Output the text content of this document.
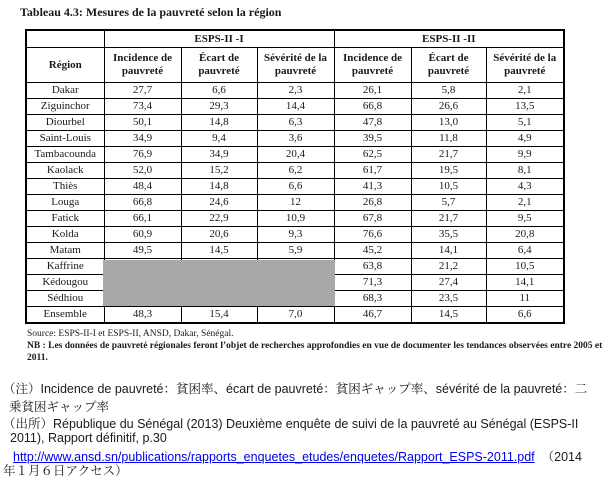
Tableau 4.3: Mesures de la pauvreté selon la région
	ESPS-II -I			ESPS-II -II		
Région	Incidence de pauvreté	Écart de pauvreté	Sévérité de la pauvreté	Incidence de pauvreté	Écart de pauvreté	Sévérité de la pauvreté
Dakar	27,7	6,6	2,3	26,1	5,8	2,1
Ziguinchor	73,4	29,3	14,4	66,8	26,6	13,5
Diourbel	50,1	14,8	6,3	47,8	13,0	5,1
Saint-Louis	34,9	9,4	3,6	39,5	11,8	4,9
Tambacounda	76,9	34,9	20,4	62,5	21,7	9,9
Kaolack	52,0	15,2	6,2	61,7	19,5	8,1
Thiès	48,4	14,8	6,6	41,3	10,5	4,3
Louga	66,8	24,6	12	26,8	5,7	2,1
Fatick	66,1	22,9	10,9	67,8	21,7	9,5
Kolda	60,9	20,6	9,3	76,6	35,5	20,8
Matam	49,5	14,5	5,9	45,2	14,1	6,4
Kaffrine				63,8	21,2	10,5
Kédougou				71,3	27,4	14,1
Sédhiou				68,3	23,5	11
Ensemble	48,3	15,4	7,0	46,7	14,5	6,6
Source: ESPS-II-I et ESPS-II, ANSD, Dakar, Sénégal.
NB : Les données de pauvreté régionales feront l’objet de recherches approfondies en vue de documenter les tendances observées entre 2005 et 2011.
（注）Incidence de pauvreté：貧困率、écart de pauvreté：貧困ギャップ率、sévérité de la pauvreté：二
乗貧困ギャップ率
（出所）République du Sénégal (2013) Deuxième enquête de suivi de la pauvreté au Sénégal (ESPS-II
2011), Rapport définitif, p.30
http://www.ansd.sn/publications/rapports_enquetes_etudes/enquetes/Rapport_ESPS-2011.pdf （2014
年１月６日アクセス）
